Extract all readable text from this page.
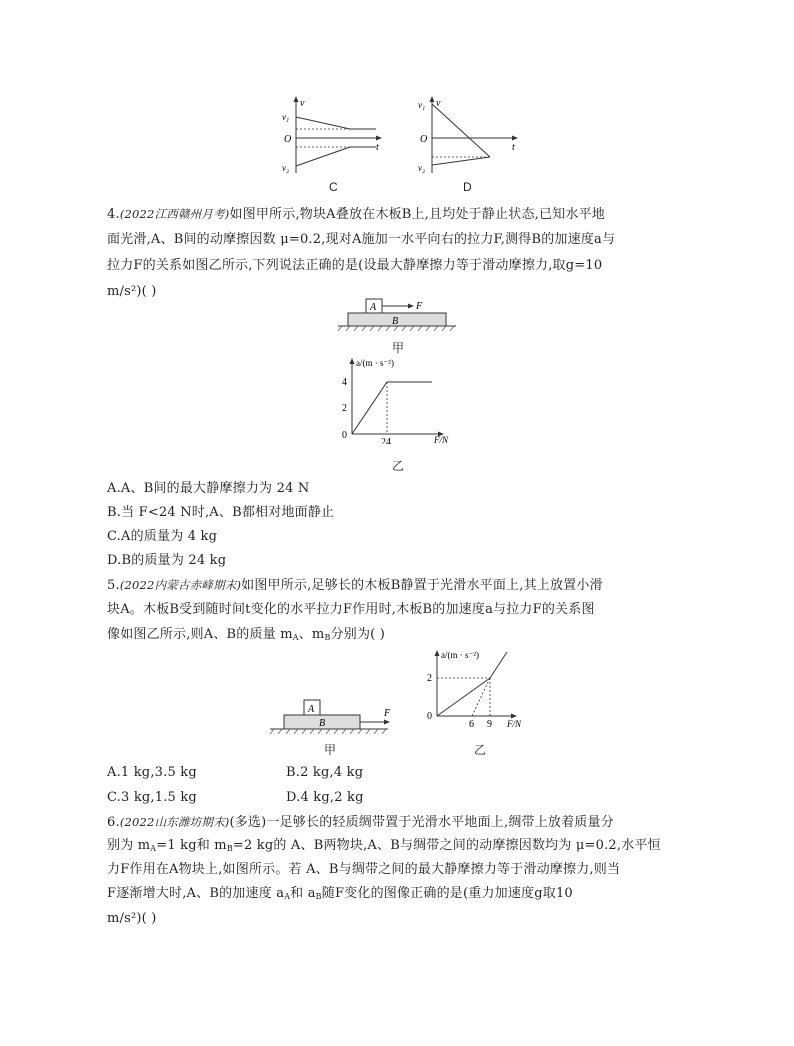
v
v₁
O
t
v₂
C
v
v₁
O
t
v₂
D
4.(2022江西赣州月考)如图甲所示,物块A叠放在木板B上,且均处于静止状态,已知水平地
面光滑,A、B间的动摩擦因数 μ=0.2,现对A施加一水平向右的拉力F,测得B的加速度a与
拉力F的关系如图乙所示,下列说法正确的是(设最大静摩擦力等于滑动摩擦力,取g=10
m/s²)( )
A
B
F
甲
a/(m · s⁻²)
4
2
0
24	F/N
乙
A.A、B间的最大静摩擦力为 24 N
B.当 F<24 N时,A、B都相对地面静止
C.A的质量为 4 kg
D.B的质量为 24 kg
5.(2022内蒙古赤峰期末)如图甲所示,足够长的木板B静置于光滑水平面上,其上放置小滑
块A。木板B受到随时间t变化的水平拉力F作用时,木板B的加速度a与拉力F的关系图
像如图乙所示,则A、B的质量 $m_A$、$m_B$分别为( )
A
B
F
甲
a/(m · s⁻²)
2
0
6 9 F/N
乙
A.1 kg,3.5 kg	B.2 kg,4 kg
C.3 kg,1.5 kg	D.4 kg,2 kg
6.(2022山东潍坊期末)(多选)一足够长的轻质绸带置于光滑水平地面上,绸带上放着质量分
别为 $m_A=1$ kg和 $m_B=2$ kg的 A、B两物块,A、B与绸带之间的动摩擦因数均为 μ=0.2,水平恒
力F作用在A物块上,如图所示。若 A、B与绸带之间的最大静摩擦力等于滑动摩擦力,则当
F逐渐增大时,A、B的加速度 $a_A$和 $a_B$随F变化的图像正确的是(重力加速度g取10
m/s²)( )
